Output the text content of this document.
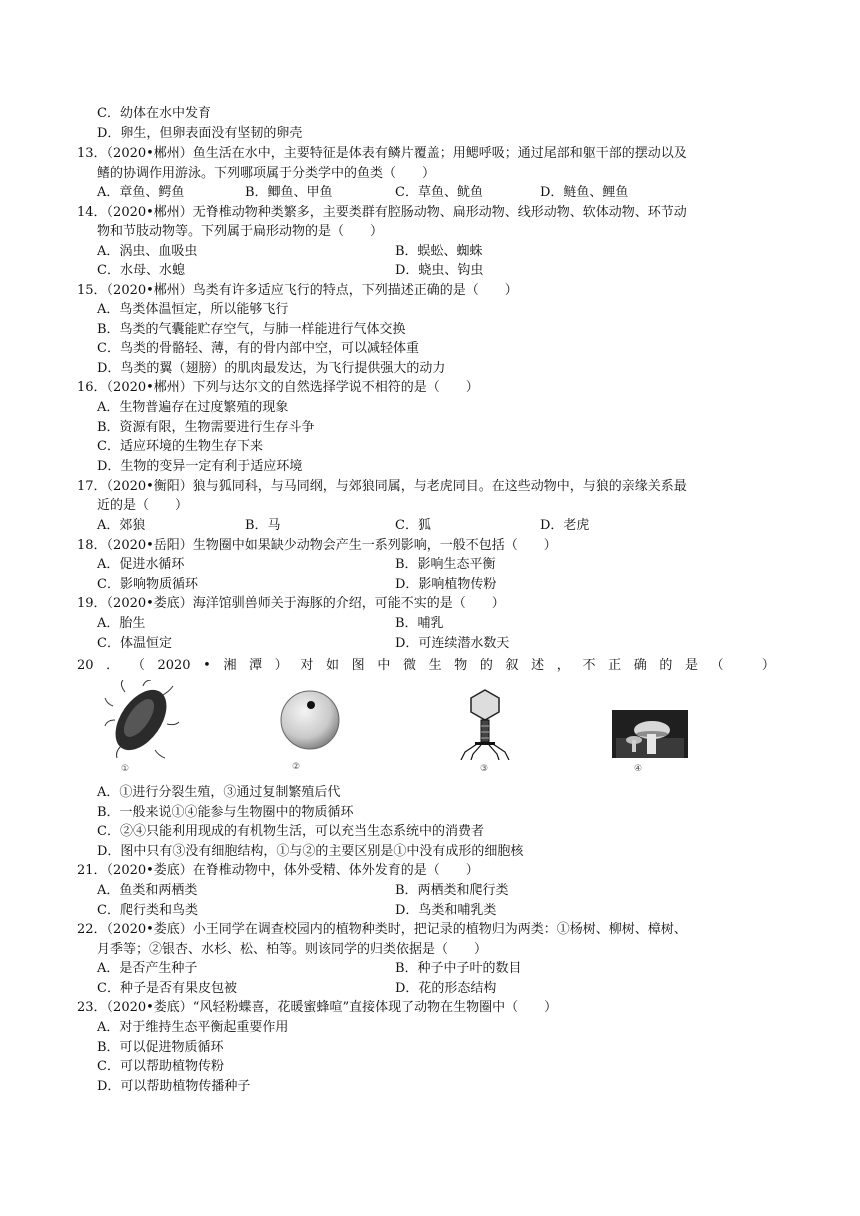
C．幼体在水中发育
D．卵生，但卵表面没有坚韧的卵壳
13．（2020•郴州）鱼生活在水中，主要特征是体表有鳞片覆盖；用鳃呼吸；通过尾部和躯干部的摆动以及
鳍的协调作用游泳。下列哪项属于分类学中的鱼类（　　）
A．章鱼、鳄鱼	B．鲫鱼、甲鱼	C．草鱼、鱿鱼	D．鲢鱼、鲤鱼
14．（2020•郴州）无脊椎动物种类繁多，主要类群有腔肠动物、扁形动物、线形动物、软体动物、环节动
物和节肢动物等。下列属于扁形动物的是（　　）
A．涡虫、血吸虫	B．蜈蚣、蜘蛛
C．水母、水螅	D．蛲虫、钩虫
15．（2020•郴州）鸟类有许多适应飞行的特点，下列描述正确的是（　　）
A．鸟类体温恒定，所以能够飞行
B．鸟类的气囊能贮存空气，与肺一样能进行气体交换
C．鸟类的骨骼轻、薄，有的骨内部中空，可以减轻体重
D．鸟类的翼（翅膀）的肌肉最发达，为飞行提供强大的动力
16．（2020•郴州）下列与达尔文的自然选择学说不相符的是（　　）
A．生物普遍存在过度繁殖的现象
B．资源有限，生物需要进行生存斗争
C．适应环境的生物生存下来
D．生物的变异一定有利于适应环境
17．（2020•衡阳）狼与狐同科，与马同纲，与郊狼同属，与老虎同目。在这些动物中，与狼的亲缘关系最
近的是（　　）
A．郊狼	B．马	C．狐	D．老虎
18．（2020•岳阳）生物圈中如果缺少动物会产生一系列影响，一般不包括（　　）
A．促进水循环	B．影响生态平衡
C．影响物质循环	D．影响植物传粉
19．（2020•娄底）海洋馆驯兽师关于海豚的介绍，可能不实的是（　　）
A．胎生	B．哺乳
C．体温恒定	D．可连续潜水数天
20 ． （ 2020 • 湘 潭 ） 对 如 图 中 微 生 物 的 叙 述 ， 不 正 确 的 是 （
　	）
①	②	③	④
A．①进行分裂生殖，③通过复制繁殖后代
B．一般来说①④能参与生物圈中的物质循环
C．②④只能利用现成的有机物生活，可以充当生态系统中的消费者
D．图中只有③没有细胞结构，①与②的主要区别是①中没有成形的细胞核
21．（2020•娄底）在脊椎动物中，体外受精、体外发育的是（　　）
A．鱼类和两栖类	B．两栖类和爬行类
C．爬行类和鸟类	D．鸟类和哺乳类
22．（2020•娄底）小王同学在调查校园内的植物种类时，把记录的植物归为两类：①杨树、柳树、樟树、
月季等；②银杏、水杉、松、柏等。则该同学的归类依据是（　　）
A．是否产生种子	B．种子中子叶的数目
C．种子是否有果皮包被	D．花的形态结构
23．（2020•娄底）“风轻粉蝶喜，花暖蜜蜂喧”直接体现了动物在生物圈中（　　）
A．对于维持生态平衡起重要作用
B．可以促进物质循环
C．可以帮助植物传粉
D．可以帮助植物传播种子
